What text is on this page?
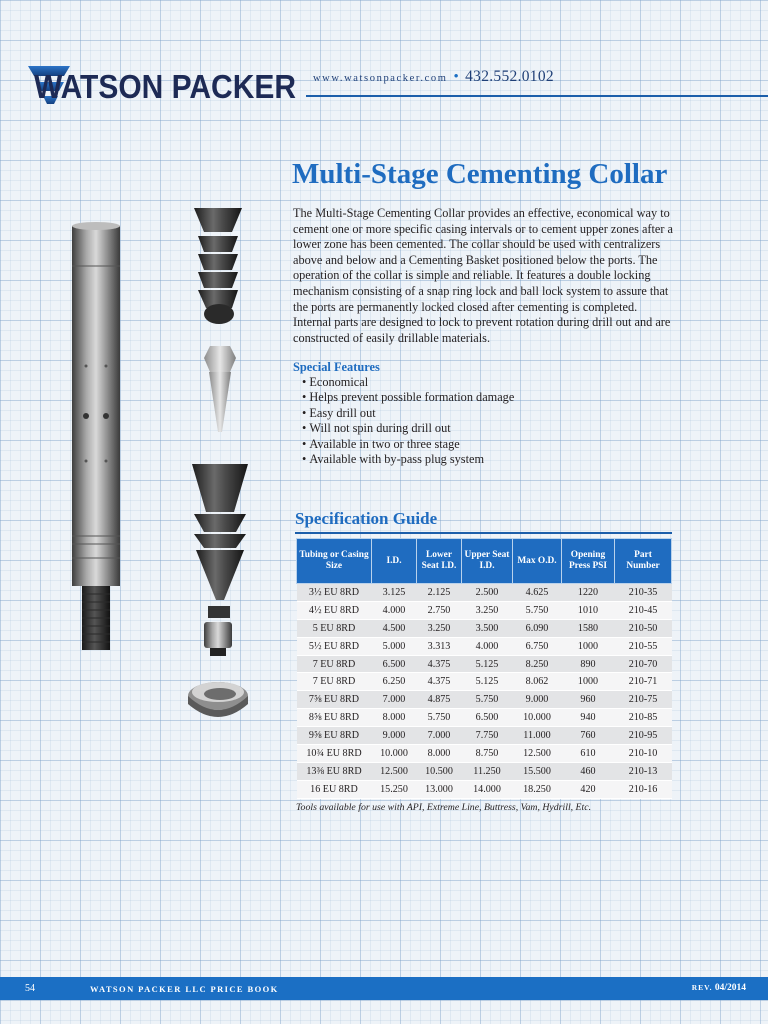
WATSON PACKER www.watsonpacker.com • 432.552.0102
Multi-Stage Cementing Collar

The Multi-Stage Cementing Collar provides an effective, economical way to cement one or more specific casing intervals or to cement upper zones after a lower zone has been cemented. The collar should be used with centralizers above and below and a Cementing Basket positioned below the ports. The operation of the collar is simple and reliable. It features a double locking mechanism consisting of a snap ring lock and ball lock system to assure that the ports are permanently locked closed after cementing is completed. Internal parts are designed to lock to prevent rotation during drill out and are constructed of easily drillable materials.

Special Features
• Economical
• Helps prevent possible formation damage
• Easy drill out
• Will not spin during drill out
• Available in two or three stage
• Available with by-pass plug system
Specification Guide
Tubing or Casing Size	I.D.	Lower Seat I.D.	Upper Seat I.D.	Max O.D.	Opening Press PSI	Part Number
3½ EU 8RD	3.125	2.125	2.500	4.625	1220	210-35
4½ EU 8RD	4.000	2.750	3.250	5.750	1010	210-45
5 EU 8RD	4.500	3.250	3.500	6.090	1580	210-50
5½ EU 8RD	5.000	3.313	4.000	6.750	1000	210-55
7 EU 8RD	6.500	4.375	5.125	8.250	890	210-70
7 EU 8RD	6.250	4.375	5.125	8.062	1000	210-71
7⅝ EU 8RD	7.000	4.875	5.750	9.000	960	210-75
8⅝ EU 8RD	8.000	5.750	6.500	10.000	940	210-85
9⅝ EU 8RD	9.000	7.000	7.750	11.000	760	210-95
10¾ EU 8RD	10.000	8.000	8.750	12.500	610	210-10
13⅜ EU 8RD	12.500	10.500	11.250	15.500	460	210-13
16 EU 8RD	15.250	13.000	14.000	18.250	420	210-16
Tools available for use with API, Extreme Line, Buttress, Vam, Hydrill, Etc.
54	WATSON PACKER LLC PRICE BOOK	REV. 04/2014
